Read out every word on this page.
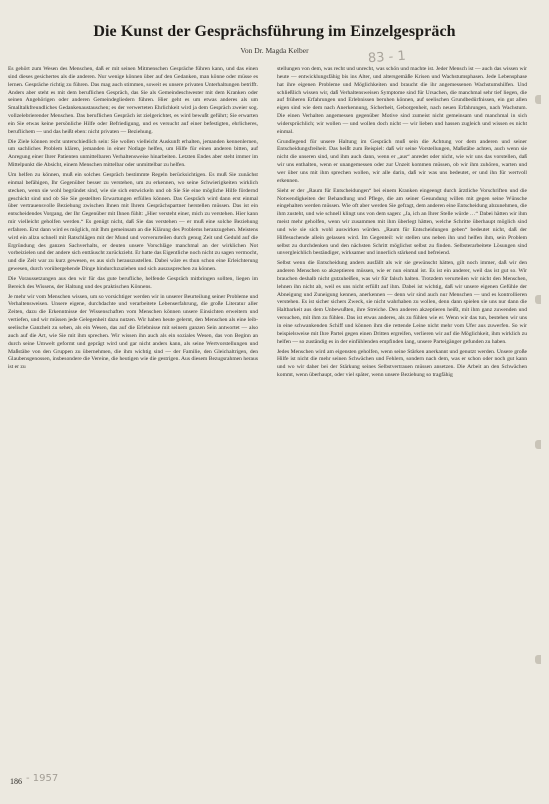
Die Kunst der Gesprächsführung im Einzelgespräch
Von Dr. Magda Kelber	83 - 1

Es gehört zum Wesen des Menschen, daß er mit seinen Mitmenschen Gespräche führen kann, und das einen sind dieses gesichertes als die anderen. Nur wenige können über auf den Gedanken, man könne oder müsse es lernen. Gespräche richtig zu führen. Das mag auch stimmen, soweit es unsere privaten Unterhaltungen betrifft. Anders aber steht es mit dem beruflichen Gespräch, das Sie als Gemeindeschwester mit dem Kranken oder seinen Angehörigen oder anderen Gemeindegliedern führen. Hier geht es um etwas anderes als um Smalltalkfreundliches Gedankenaustauschen; es der verwerteten Ehrlichkeit wird ja dem Gespräch zweier sog. vollzelebrierender Menschen. Das beruflichen Gespräch ist zielgerichtet, es wird bewußt geführt; Sie erwarten ein Sie etwas keine persönliche Hilfe oder Befriedigung, und es versucht auf einer befestigten, ehrlicheres, beruflichem — und das heißt eben: nicht privaten — Beziehung.

Die Ziele können recht unterschiedlich sein: Sie wollen vielleicht Auskunft erhalten, jemanden kennenlernen, um sachliches Problem klären, jemanden in einer Notlage helfen, um Hilfe für einen anderen bitten, auf Anregung einer Ihrer Patienten unmittelbaren Verhaltensweise hinarbeiten. Letzten Endes aber steht immer im Mittelpunkt die Absicht, einem Menschen mittelbar oder unmittelbar zu helfen.

Um helfen zu können, muß ein solches Gespräch bestimmte Regeln berücksichtigen. Es muß Sie zunächst einmal befähigen, Ihr Gegenüber besser zu verstehen, um zu erkennen, wo seine Schwierigkeiten wirklich stecken, wenn sie wohl begründet sind, wie sie sich entwickeln und ob Sie Sie eine mögliche Hilfe fördernd geschickt sind und ob Sie Sie gestellten Erwartungen erfüllen können. Das Gespräch wird dann erst einmal über vertrauensvolle Beziehung zwischen Ihnen mit Ihrem Gesprächspartner herstellen müssen. Das ist ein entscheidendes Vorgang, der Ihr Gegenüber mit Ihnen fühlt: „Hier versteht einer, mich zu verstehen. Hier kann mir vielleicht geholfen werden.“ Es genügt nicht, daß Sie das verstehen — er muß eine solche Beziehung erfahren. Erst dann wird es möglich, mit Ihm gemeinsam an die Klärung des Problems heranzugehen. Meistens wird ein allzu schnell mit Ratschlägen mit der Mund und vorverurteilen durch genug Zeit und Geduld auf die Ergründung des ganzen Sachverhalts, er deuten unsere Vorschläge manchmal an der wirklichen Not vorbeizielen und der andere sich enttäuscht zurückzieht. Er hatte das Eigentliche noch nicht zu sagen vermocht, und die Zeit war zu kurz gewesen, es aus sich herauszustellen. Dabei wäre es thun schon eine Erleichterung gewesen, durch vorübergehende Dinge hindurchzuziehen und sich auszusprechen zu können.

Die Voraussetzungen aus den wir für das gute berufliche, helfende Gespräch mitbringen sollten, liegen im Bereich des Wissens, der Haltung und des praktischen Könnens.

Je mehr wir vom Menschen wissen, um so vorsichtiger werden wir in unserer Beurteilung seiner Probleme und Verhaltensweisen. Unsere eigene, durchdachte und verarbeitete Lebenserfahrung, die große Literatur aller Zeiten, dazu die Erkenntnisse der Wissenschaften vom Menschen können unsere Einsichten erweitern und vertiefen, und wir müssen jede Gelegenheit dazu nutzen. Wir haben heute gelernt, den Menschen als eine leib-seelische Ganzheit zu sehen, als ein Wesen, das auf die Erlebnisse mit seinem ganzen Sein antwortet — also auch auf die Art, wie Sie mit ihm sprechen. Wir wissen ihn auch als ein soziales Wesen, das von Beginn an durch seine Umwelt geformt und geprägt wird und gar nicht anders kann, als seine Wertvorstellungen und Maßstäbe von den Gruppen zu übernehmen, die ihm wichtig sind — der Familie, den Gleichaltrigen, den Glaubensgenossen, insbesondere die Vereine, die heutigen wie die gestrigen. Aus diesem Bezugsrahmen heraus ist er zu

stellungen von dem, was recht und unrecht, was schön und machte ist. Jeder Mensch ist — auch das wissen wir heute — entwicklungsfähig bis ins Alter, und altersgemäße Krisen und Wachstumsphasen. Jede Lebensphase hat ihre eigenen Probleme und Möglichkeiten und braucht die ihr angemessenen Wachstumshilfen. Und schließlich wissen wir, daß Verhaltensweisen Symptome sind für Ursachen, die manchmal sehr tief liegen, die auf früheren Erfahrungen und Erlebnissen beruhen können, auf seelischen Grundbedürfnissen, ein gut allen eigen sind wie dem nach Anerkennung, Sicherheit, Geborgenheit, nach neuen Erfahrungen, nach Wachstum. Die einen Verhalten angemessen gegenüber Motive sind zumeist nicht gemeinsam und manchmal in sich widersprüchlich; wir wollen — und wollen doch nicht — wir lieben und hassen zugleich und wissen es nicht einmal.

Grundlegend für unsere Haltung im Gespräch muß sein die Achtung vor dem anderen und seiner Entscheidungsfreiheit. Das heißt zum Beispiel: daß wir seine Vorstellungen, Maßstäbe achten, auch wenn sie nicht die unseren sind, und ihm auch dann, wenn er „aus“ anredet oder nicht, wie wir uns das vorstellen, daß wir uns enthalten, wenn er unangemessen oder zur Unzeit kommen müssen, ob wir ihm zuhören, warten und wer über uns mit ihm sprechen wollen, wir alle darin, daß wir was uns bedeutet, er und ihn für wertvoll erkennen.

Sieht er der „Raum für Entscheidungen“ bei einem Kranken eingeengt durch ärztliche Vorschriften und die Notwendigkeiten der Behandlung und Pflege, die am seiner Gesundung willen mit gegen seine Wünsche eingehalten werden müssen. Wie oft aber werden Sie gefragt, dem anderen eine Entscheidung abzunehmen, die ihm zusteht, und wie schnell klingt uns von dem sagen: „Ja, ich an Ihrer Stelle würde …“ Dabei hätten wir ihm meist mehr geholfen, wenn wir zusammen mit ihm überlegt hätten, welche Schritte überhaupt möglich sind und wie sie sich wohl auswirken würden. „Raum für Entscheidungen geben“ bedeutet nicht, daß der Hilfesuchende allein gelassen wird. Im Gegenteil: wir stellen uns neben ihn und helfen ihm, sein Problem selbst zu durchdenken und den nächsten Schritt möglichst selbst zu finden. Selbsterarbeitete Lösungen sind unvergleichlich beständiger, wirksamer und innerlich stärkend und befreiend.

Selbst wenn die Entscheidung anders ausfällt als wir sie gewünscht hätten, gilt noch immer, daß wir den anderen Menschen so akzeptieren müssen, wie er nun einmal ist. Es ist ein anderer, weil das ist gut so. Wir brauchen deshalb nicht gutzuheißen, was wir für falsch halten. Trotzdem verurteilen wir nicht den Menschen, lehnen ihn nicht ab, weil es uns nicht erfüllt auf ihm. Dabei ist wichtig, daß wir unsere eigenen Gefühle der Abneigung und Zuneigung kennen, anerkennen — denn wir sind auch nur Menschen — und es kontrollieren verstehen. Es ist sicher sichers Zweck, sie nicht wahrhaben zu wollen, denn dann spielen sie uns nur dann die Haltbarkeit aus dem Unbewußten, ihre Streiche. Den anderen akzeptieren heißt, mit ihm ganz zuwenden und versuchen, mit ihm zu fühlen. Das ist etwas anderes, als zu fühlen wie er. Wenn wir das tun, bestehen wir uns in eine schwankenden Schiff und können ihm die rettende Leine nicht mehr vom Ufer aus zuwerfen. So wir beispielsweise mit Ihre Partei gegen einen Dritten ergreifen, verlieren wir auf die Möglichkeit, ihm wirklich zu helfen — so zuständig es in der einfühlenden empfinden lang, unsere Parteigänger gefunden zu haben.

Jedes Menschen wird am eigensten geholfen, wenn seine Stärken anerkannt und genutzt werden. Unsere große Hilfe ist nicht die mehr seinen Schwächen und Fehlern, sondern nach dem, was er schon oder noch gut kann und wo wir daher bei der Stärkung seines Selbstvertrauen müssen ansetzen. Die Arbeit an den Schwächen kommt, wenn überhaupt, oder viel später, wenn unsere Beziehung so tragfähig

186 - 1957
